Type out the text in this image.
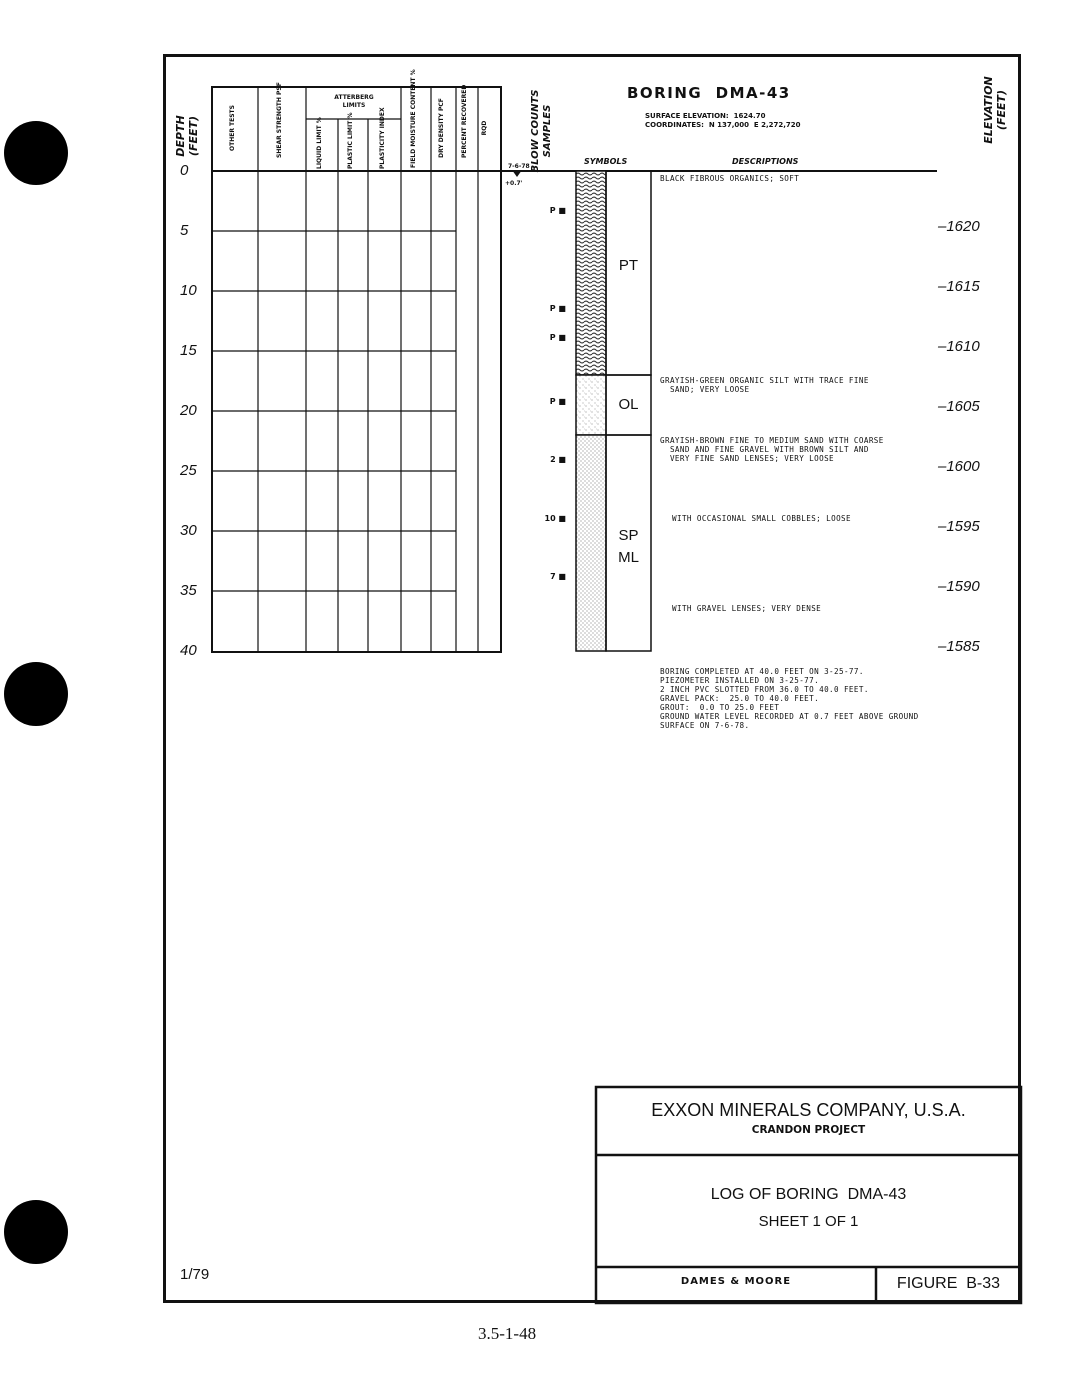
DEPTH (FEET)	ELEVATION (FEET)
OTHER TESTS	SHEAR STRENGTH PSF	ATTERBERG LIMITS
LIQUID LIMIT %	PLASTIC LIMIT %	PLASTICITY INDEX	FIELD MOISTURE CONTENT %	DRY DENSITY PCF	PERCENT RECOVERED	RQD	BLOW COUNTS SAMPLES
7-6-78
+0.7'
BORING  DMA-43
SURFACE ELEVATION:  1624.70
COORDINATES:  N 137,000  E 2,272,720
SYMBOLS	DESCRIPTIONS
PT
OL
SP
ML
P ■
P ■
P ■
P ■
2 ■
10 ■
7 ■
BLACK FIBROUS ORGANICS; SOFT
GRAYISH-GREEN ORGANIC SILT WITH TRACE FINE
SAND; VERY LOOSE
GRAYISH-BROWN FINE TO MEDIUM SAND WITH COARSE
SAND AND FINE GRAVEL WITH BROWN SILT AND
VERY FINE SAND LENSES; VERY LOOSE
WITH OCCASIONAL SMALL COBBLES; LOOSE
WITH GRAVEL LENSES; VERY DENSE
0
5
10
15
20
25
30
35
40
–1620
–1615
–1610
–1605
–1600
–1595
–1590
–1585
BORING COMPLETED AT 40.0 FEET ON 3-25-77.
PIEZOMETER INSTALLED ON 3-25-77.
2 INCH PVC SLOTTED FROM 36.0 TO 40.0 FEET.
GRAVEL PACK:  25.0 TO 40.0 FEET.
GROUT:  0.0 TO 25.0 FEET
GROUND WATER LEVEL RECORDED AT 0.7 FEET ABOVE GROUND
SURFACE ON 7-6-78.
EXXON MINERALS COMPANY, U.S.A.
CRANDON PROJECT
LOG OF BORING  DMA-43
SHEET 1 OF 1
DAMES & MOORE	FIGURE  B-33
1/79
3.5-1-48
